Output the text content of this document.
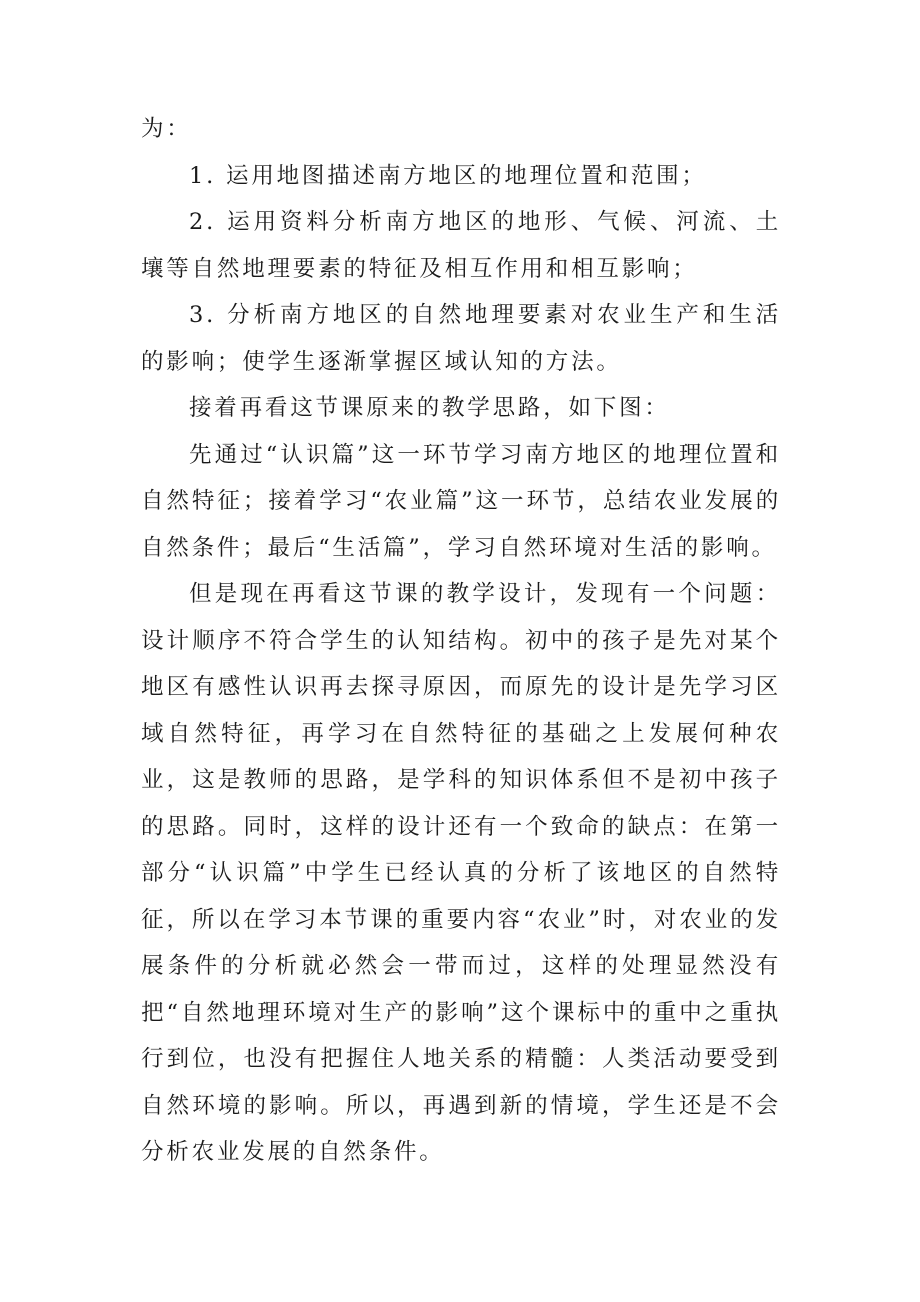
为：

1. 运用地图描述南方地区的地理位置和范围；

2. 运用资料分析南方地区的地形、气候、河流、土壤等自然地理要素的特征及相互作用和相互影响；

3. 分析南方地区的自然地理要素对农业生产和生活的影响；使学生逐渐掌握区域认知的方法。

接着再看这节课原来的教学思路，如下图：

先通过“认识篇”这一环节学习南方地区的地理位置和自然特征；接着学习“农业篇”这一环节，总结农业发展的自然条件；最后“生活篇”，学习自然环境对生活的影响。

但是现在再看这节课的教学设计，发现有一个问题：设计顺序不符合学生的认知结构。初中的孩子是先对某个地区有感性认识再去探寻原因，而原先的设计是先学习区域自然特征，再学习在自然特征的基础之上发展何种农业，这是教师的思路，是学科的知识体系但不是初中孩子的思路。同时，这样的设计还有一个致命的缺点：在第一部分“认识篇”中学生已经认真的分析了该地区的自然特征，所以在学习本节课的重要内容“农业”时，对农业的发展条件的分析就必然会一带而过，这样的处理显然没有把“自然地理环境对生产的影响”这个课标中的重中之重执行到位，也没有把握住人地关系的精髓：人类活动要受到自然环境的影响。所以，再遇到新的情境，学生还是不会分析农业发展的自然条件。
